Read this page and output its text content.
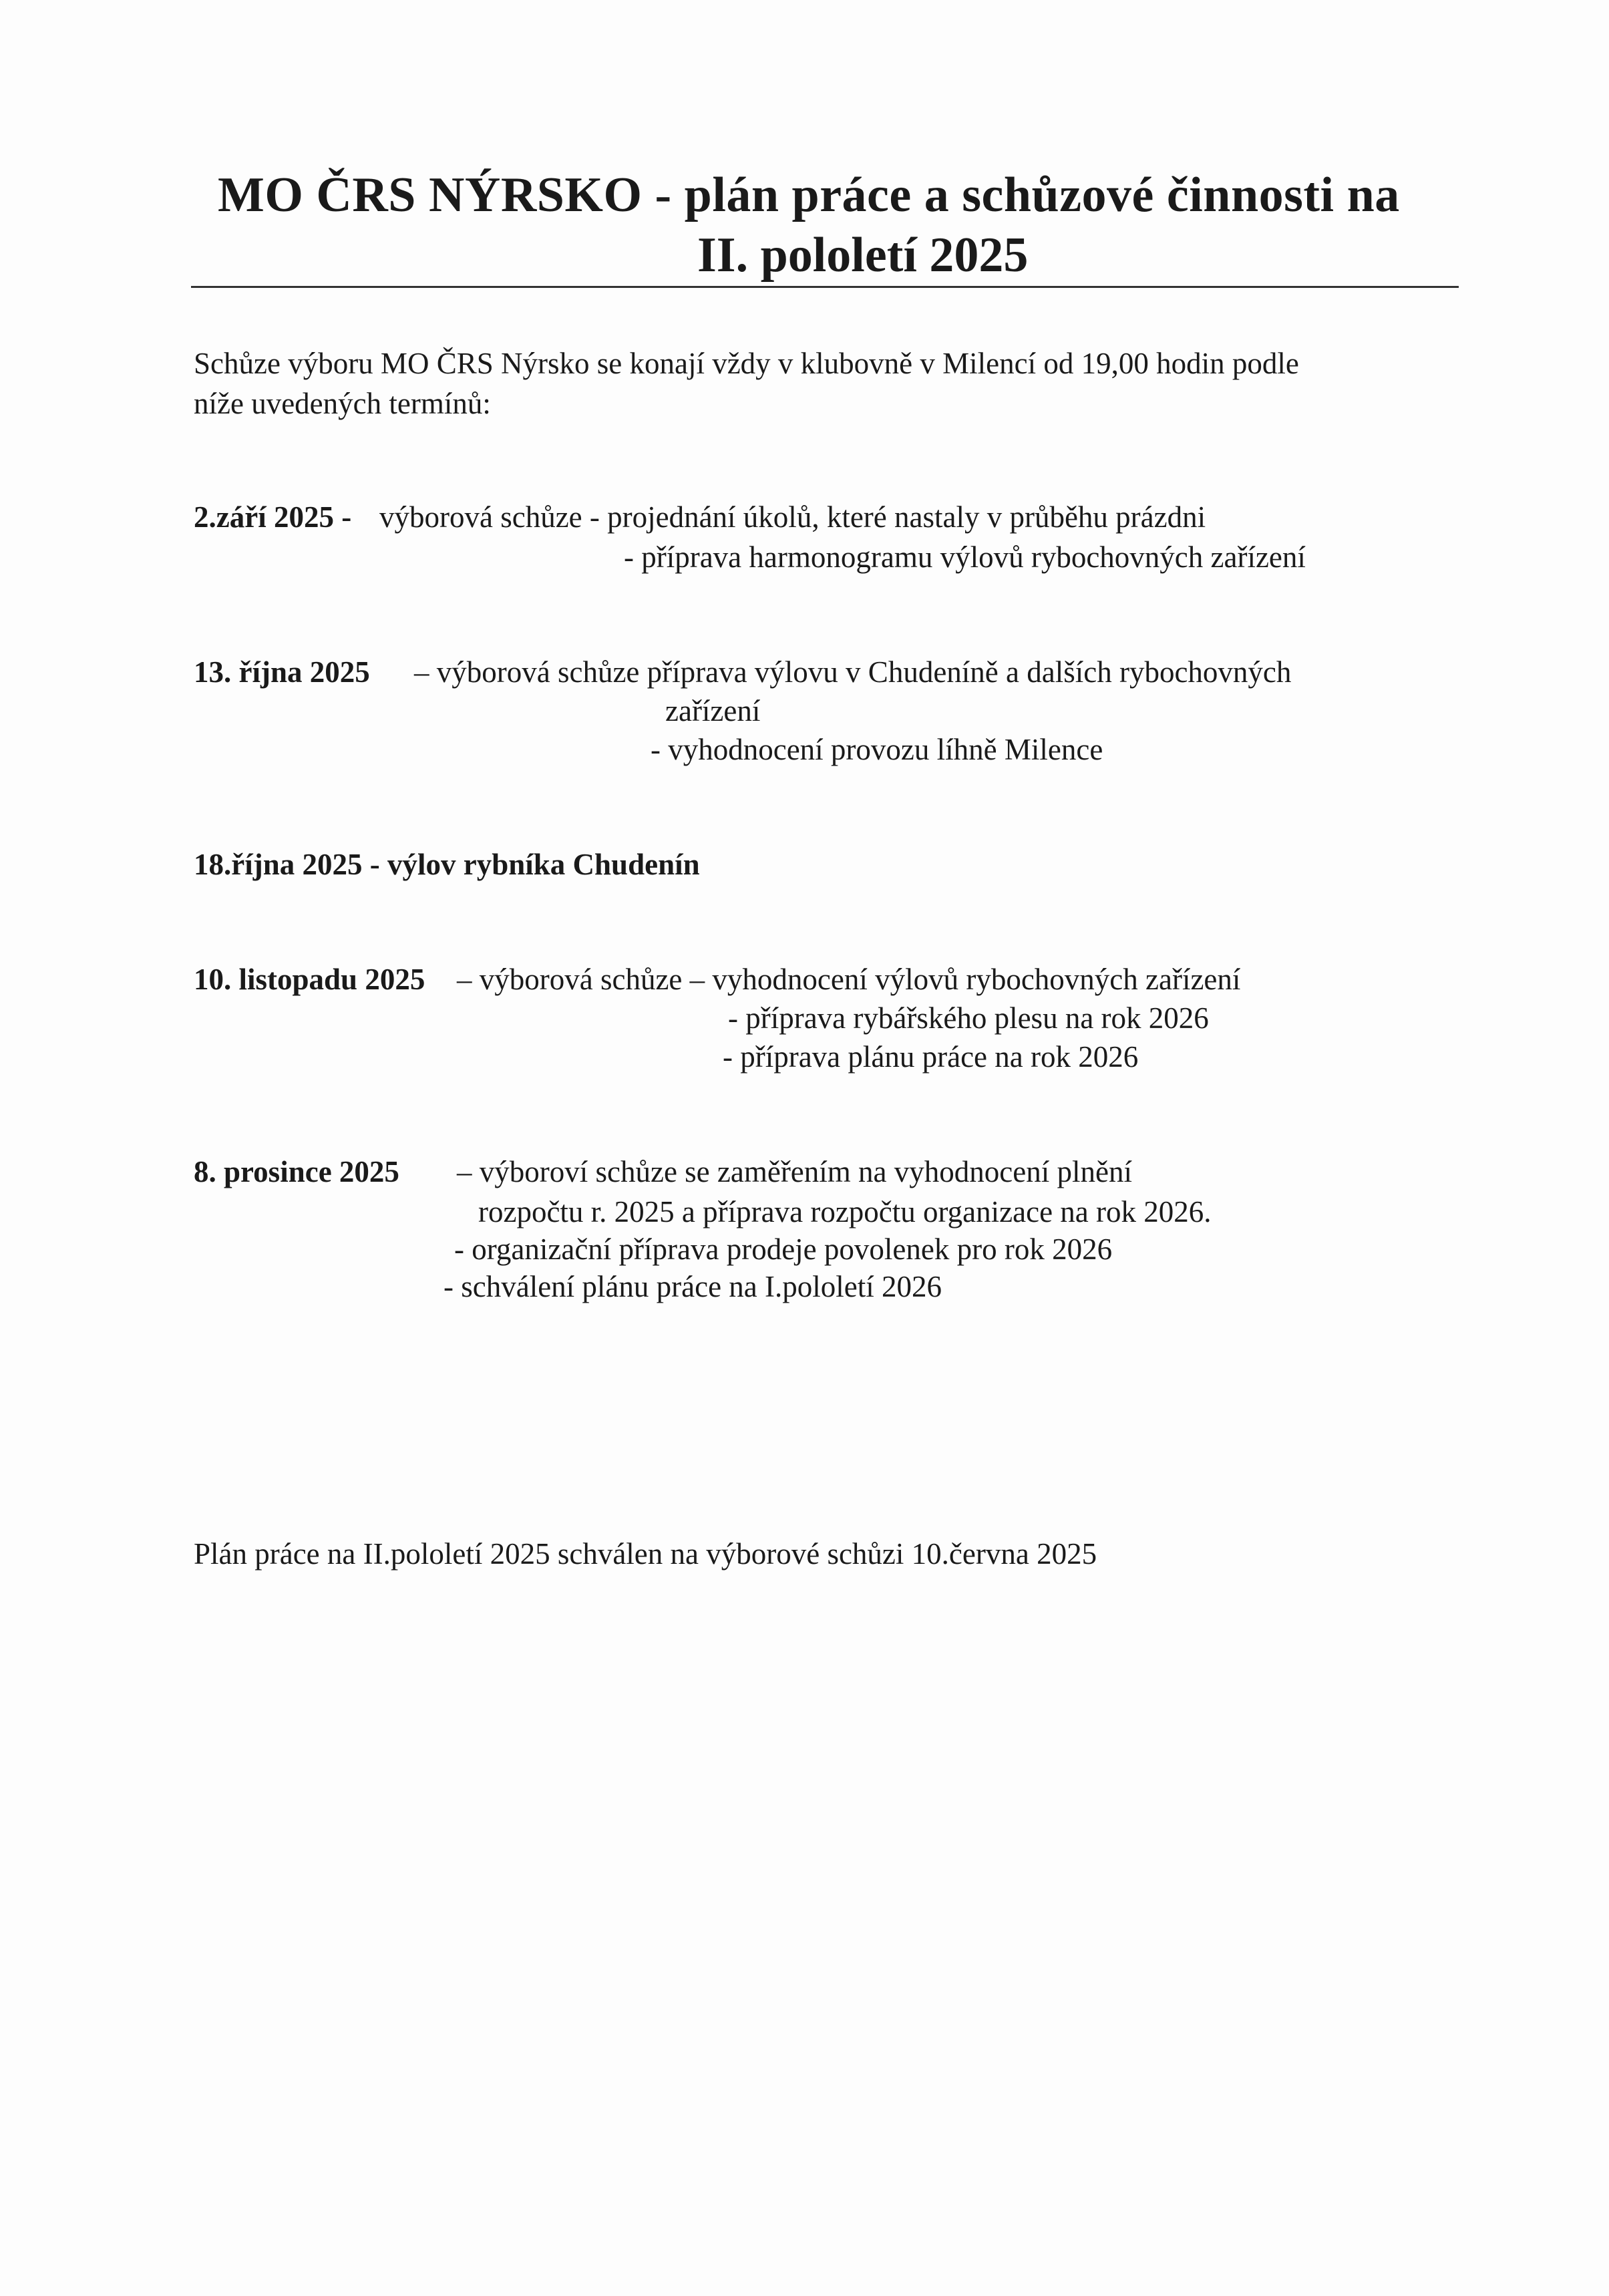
MO ČRS NÝRSKO - plán práce a schůzové činnosti na
II. pololetí 2025
Schůze výboru MO ČRS Nýrsko se konají vždy v klubovně v Milencí od 19,00 hodin podle
níže uvedených termínů:
2.září 2025 - výborová schůze - projednání úkolů, které nastaly v průběhu prázdni
- příprava harmonogramu výlovů rybochovných zařízení
13. října 2025 – výborová schůze příprava výlovu v Chudeníně a dalších rybochovných
zařízení
- vyhodnocení provozu líhně Milence
18.října 2025 - výlov rybníka Chudenín
10. listopadu 2025 – výborová schůze – vyhodnocení výlovů rybochovných zařízení
- příprava rybářského plesu na rok 2026
- příprava plánu práce na rok 2026
8. prosince 2025 – výboroví schůze se zaměřením na vyhodnocení plnění
rozpočtu r. 2025 a příprava rozpočtu organizace na rok 2026.
- organizační příprava prodeje povolenek pro rok 2026
- schválení plánu práce na I.pololetí 2026
Plán práce na II.pololetí 2025 schválen na výborové schůzi 10.června 2025
